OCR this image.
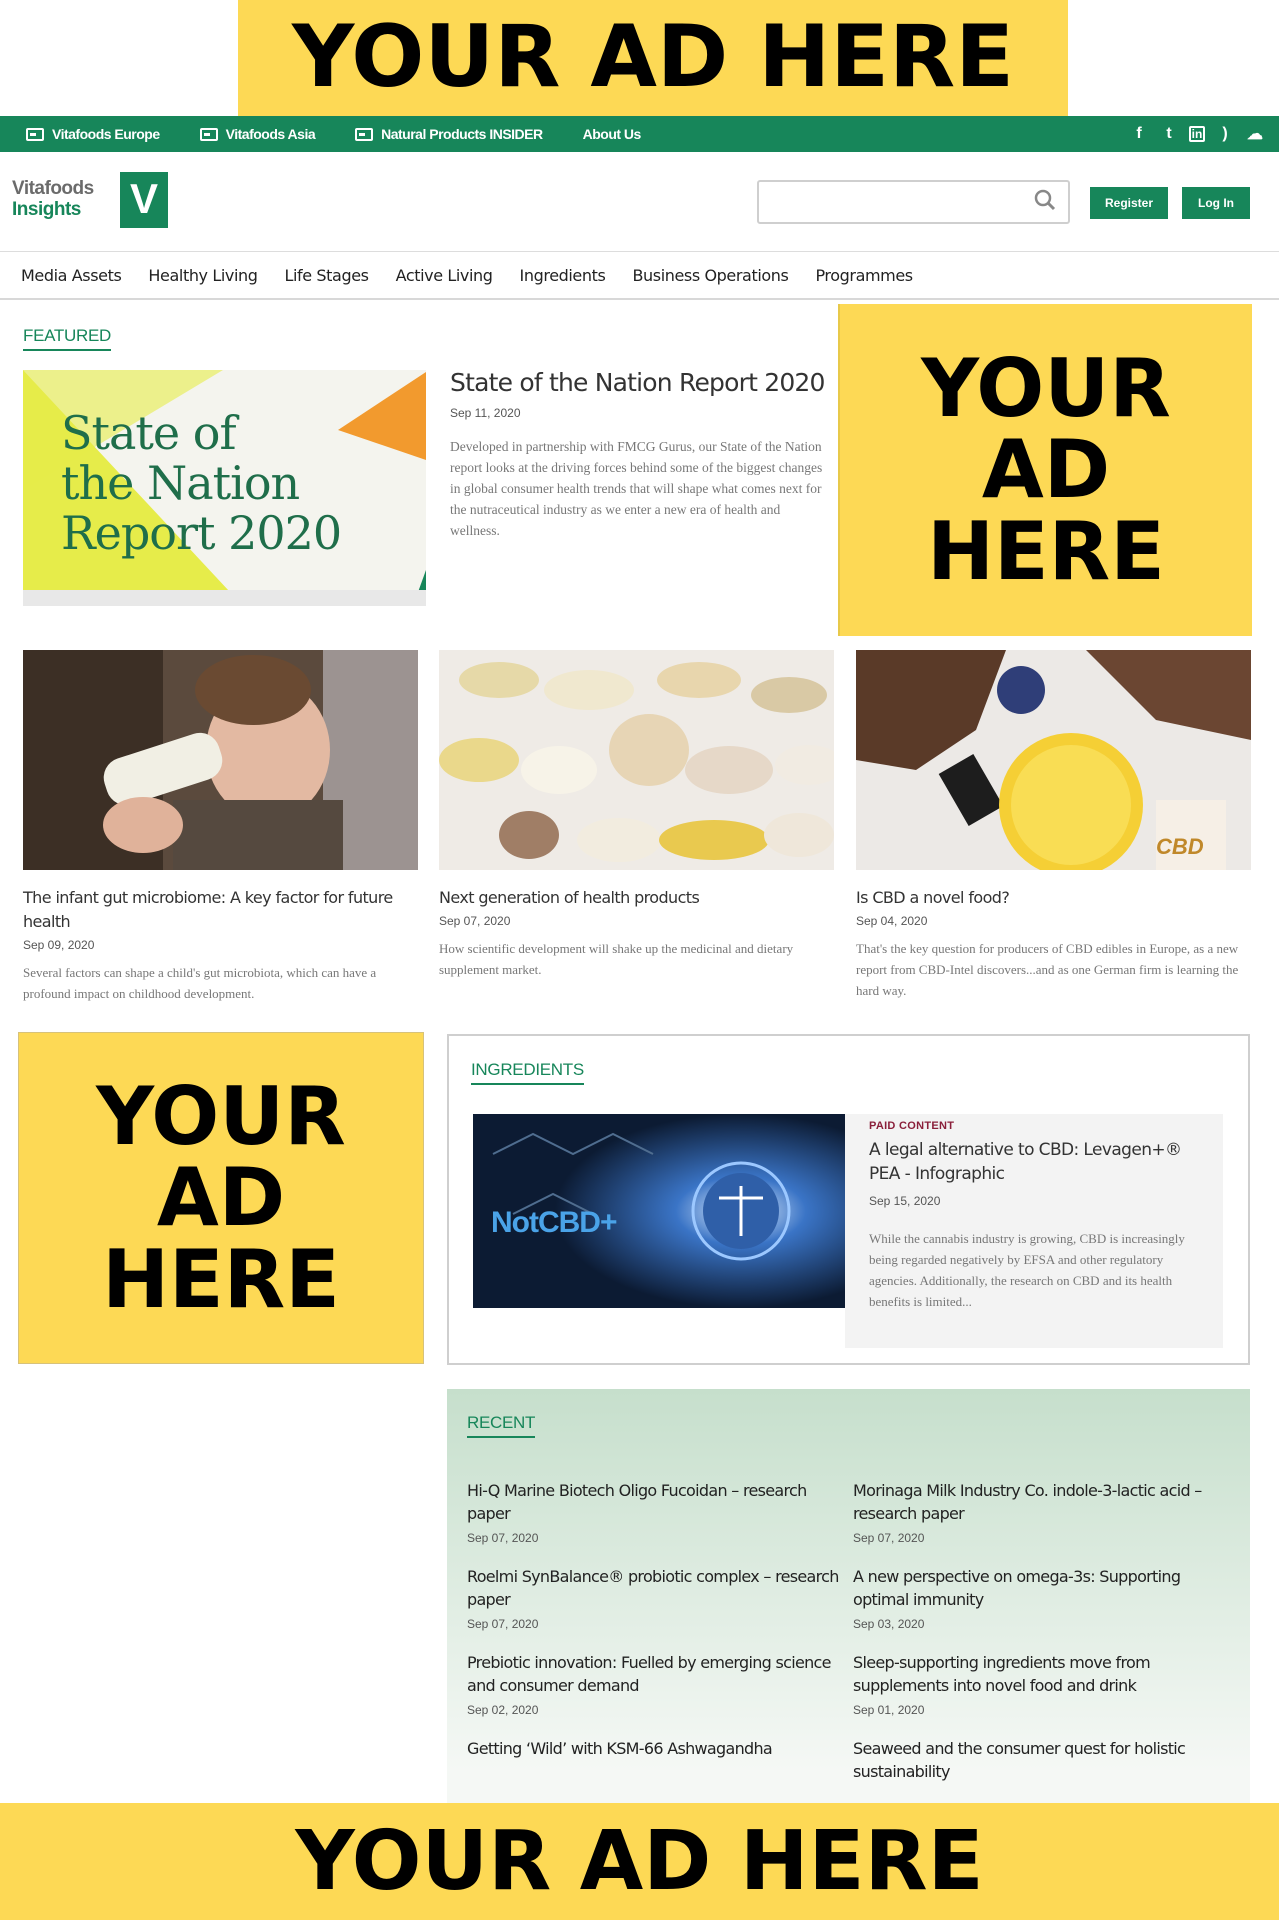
YOUR AD HERE
Vitafoods Europe	Vitafoods Asia	Natural Products INSIDER	About Us	f	t	in	)	☁
Vitafoods
Insights	V	Register	Log In
Media Assets Healthy Living Life Stages Active Living Ingredients Business Operations Programmes
FEATURED
State of
the Nation
Report 2020
State of the Nation Report 2020
Sep 11, 2020
Developed in partnership with FMCG Gurus, our State of the Nation report looks at the driving forces behind some of the biggest changes in global consumer health trends that will shape what comes next for the nutraceutical industry as we enter a new era of health and wellness.
YOUR
AD
HERE
The infant gut microbiome: A key factor for future health
Sep 09, 2020
Several factors can shape a child's gut microbiota, which can have a profound impact on childhood development.
Next generation of health products
Sep 07, 2020
How scientific development will shake up the medicinal and dietary supplement market.
CBD
Is CBD a novel food?
Sep 04, 2020
That's the key question for producers of CBD edibles in Europe, as a new report from CBD-Intel discovers...and as one German firm is learning the hard way.
YOUR
AD
HERE
INGREDIENTS
NotCBD+
PAID CONTENT
A legal alternative to CBD: Levagen+® PEA - Infographic
Sep 15, 2020
While the cannabis industry is growing, CBD is increasingly being regarded negatively by EFSA and other regulatory agencies. Additionally, the research on CBD and its health benefits is limited...
RECENT
Hi-Q Marine Biotech Oligo Fucoidan – research paper
Sep 07, 2020
Morinaga Milk Industry Co. indole-3-lactic acid – research paper
Sep 07, 2020
Roelmi SynBalance® probiotic complex – research paper
Sep 07, 2020
A new perspective on omega-3s: Supporting optimal immunity
Sep 03, 2020
Prebiotic innovation: Fuelled by emerging science and consumer demand
Sep 02, 2020
Sleep-supporting ingredients move from supplements into novel food and drink
Sep 01, 2020
Getting ‘Wild’ with KSM-66 Ashwagandha	Seaweed and the consumer quest for holistic sustainability
YOUR AD HERE
